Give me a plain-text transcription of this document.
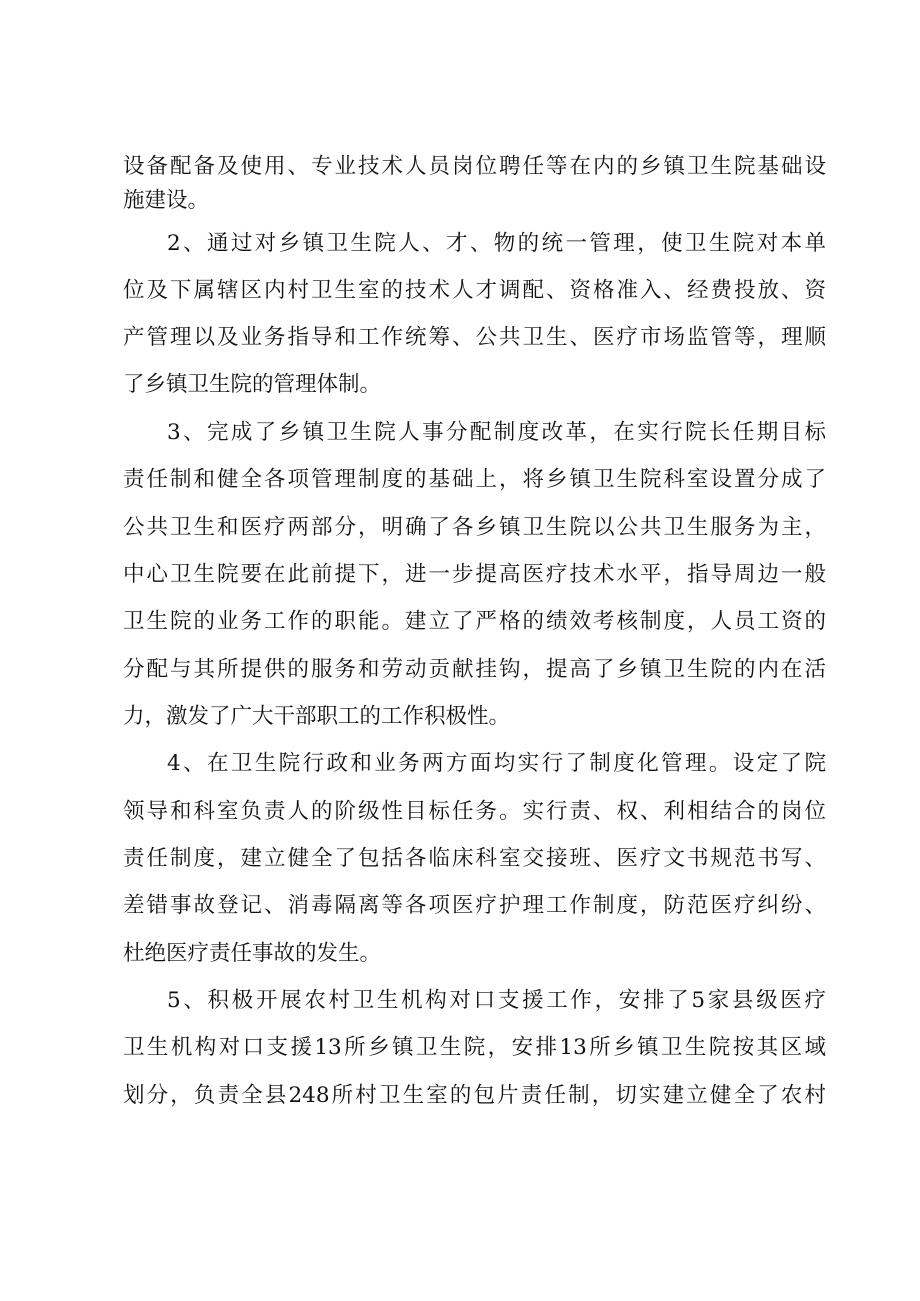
设备配备及使用、专业技术人员岗位聘任等在内的乡镇卫生院基础设
施建设。
2、通过对乡镇卫生院人、才、物的统一管理，使卫生院对本单
位及下属辖区内村卫生室的技术人才调配、资格准入、经费投放、资
产管理以及业务指导和工作统筹、公共卫生、医疗市场监管等，理顺
了乡镇卫生院的管理体制。
3、完成了乡镇卫生院人事分配制度改革，在实行院长任期目标
责任制和健全各项管理制度的基础上，将乡镇卫生院科室设置分成了
公共卫生和医疗两部分，明确了各乡镇卫生院以公共卫生服务为主，
中心卫生院要在此前提下，进一步提高医疗技术水平，指导周边一般
卫生院的业务工作的职能。建立了严格的绩效考核制度，人员工资的
分配与其所提供的服务和劳动贡献挂钩，提高了乡镇卫生院的内在活
力，激发了广大干部职工的工作积极性。
4、在卫生院行政和业务两方面均实行了制度化管理。设定了院
领导和科室负责人的阶级性目标任务。实行责、权、利相结合的岗位
责任制度，建立健全了包括各临床科室交接班、医疗文书规范书写、
差错事故登记、消毒隔离等各项医疗护理工作制度，防范医疗纠纷、
杜绝医疗责任事故的发生。
5、积极开展农村卫生机构对口支援工作，安排了5家县级医疗
卫生机构对口支援13所乡镇卫生院，安排13所乡镇卫生院按其区域
划分，负责全县248所村卫生室的包片责任制，切实建立健全了农村
